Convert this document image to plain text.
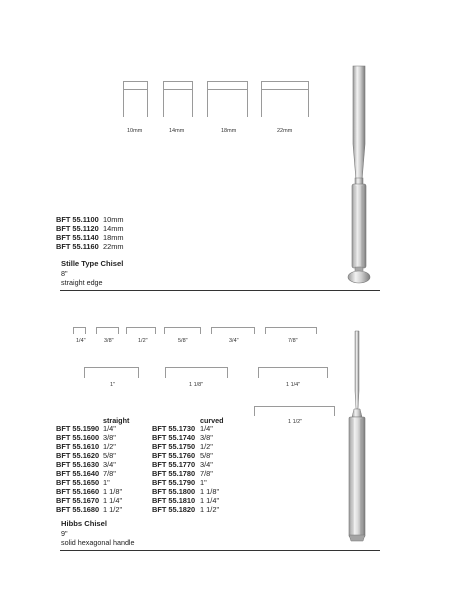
10mm	14mm	18mm	22mm
BFT 55.1100 10mm
BFT 55.1120 14mm
BFT 55.1140 18mm
BFT 55.1160 22mm
Stille Type Chisel
8"
straight edge
1/4"	3/8"	1/2"	5/8"	3/4"	7/8"
1"	1 1/8"	1 1/4"
1 1/2"
straight	curved
BFT 55.1590 1/4"	BFT 55.1730 1/4"
BFT 55.1600 3/8"	BFT 55.1740 3/8"
BFT 55.1610 1/2"	BFT 55.1750 1/2"
BFT 55.1620 5/8"	BFT 55.1760 5/8"
BFT 55.1630 3/4"	BFT 55.1770 3/4"
BFT 55.1640 7/8"	BFT 55.1780 7/8"
BFT 55.1650 1"	BFT 55.1790 1"
BFT 55.1660 1 1/8"	BFT 55.1800 1 1/8"
BFT 55.1670 1 1/4"	BFT 55.1810 1 1/4"
BFT 55.1680 1 1/2"	BFT 55.1820 1 1/2"
Hibbs Chisel
9"
solid hexagonal handle
